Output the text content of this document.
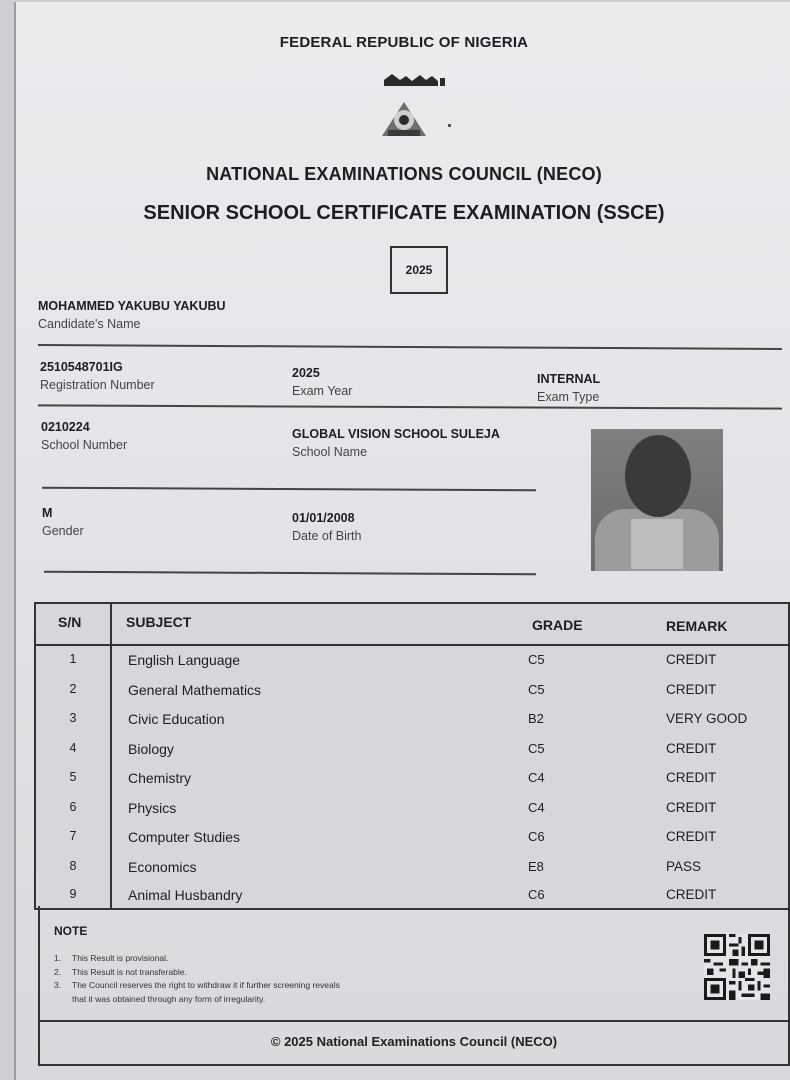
FEDERAL REPUBLIC OF NIGERIA
NATIONAL EXAMINATIONS COUNCIL (NECO)
SENIOR SCHOOL CERTIFICATE EXAMINATION (SSCE)
2025
MOHAMMED YAKUBU YAKUBU
Candidate's Name
2510548701IG
Registration Number
2025
Exam Year
INTERNAL
Exam Type
0210224
School Number
GLOBAL VISION SCHOOL SULEJA
School Name
M
Gender
01/01/2008
Date of Birth
S/N	SUBJECT	GRADE	REMARK
1	English Language	C5	CREDIT
2	General Mathematics	C5	CREDIT
3	Civic Education	B2	VERY GOOD
4	Biology	C5	CREDIT
5	Chemistry	C4	CREDIT
6	Physics	C4	CREDIT
7	Computer Studies	C6	CREDIT
8	Economics	E8	PASS
9	Animal Husbandry	C6	CREDIT
NOTE
1. This Result is provisional.
2. This Result is not transferable.
3. The Council reserves the right to withdraw it if further screening reveals
that it was obtained through any form of irregularity.
© 2025 National Examinations Council (NECO)
